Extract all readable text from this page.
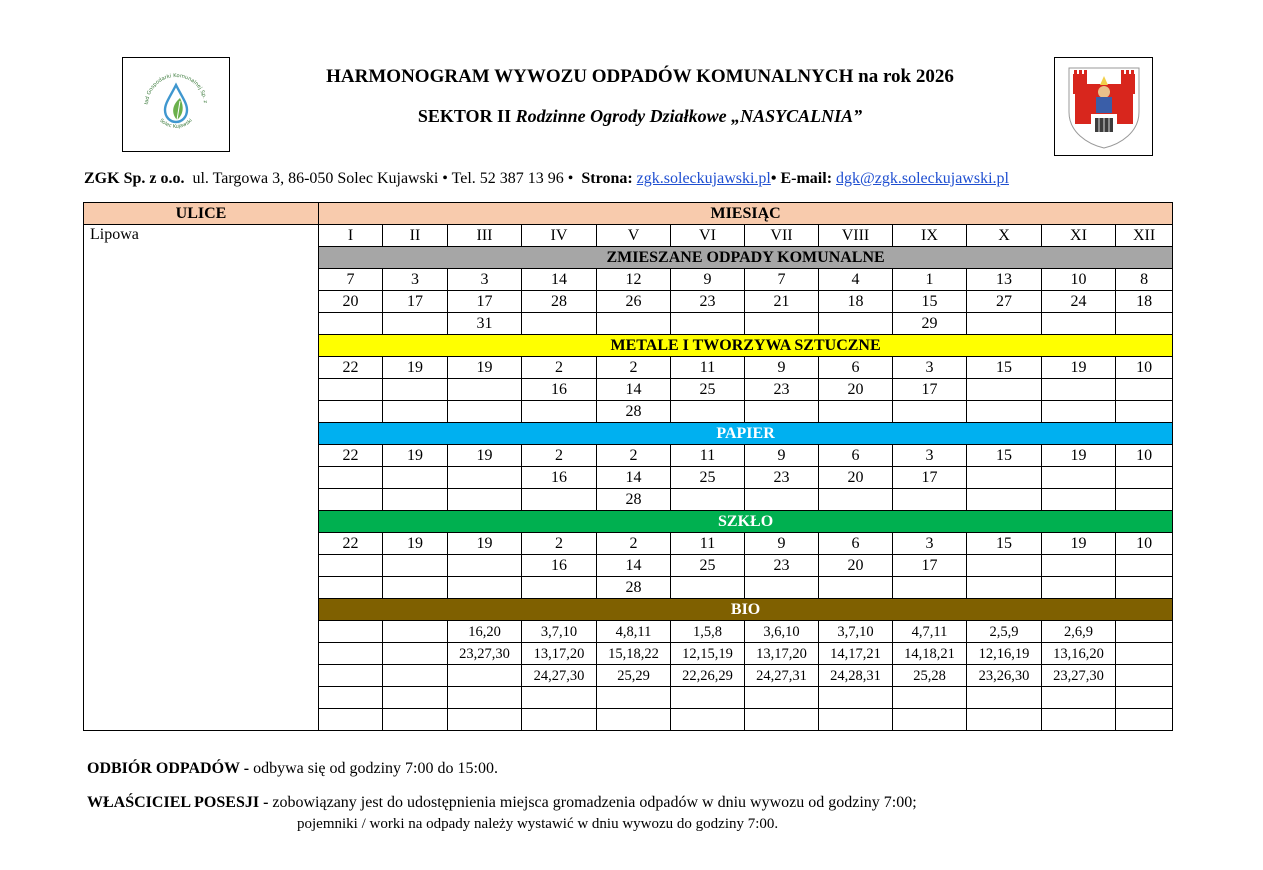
ład Gospodarki Komunalnej Sp. z
Solec Kujawski
HARMONOGRAM WYWOZU ODPADÓW KOMUNALNYCH na rok 2026
SEKTOR II Rodzinne Ogrody Działkowe „NASYCALNIA”
ZGK Sp. z o.o. ul. Targowa 3, 86-050 Solec Kujawski • Tel. 52 387 13 96 • Strona: zgk.soleckujawski.pl• E-mail: dgk@zgk.soleckujawski.pl
ULICE	MIESIĄC											
Lipowa	I	II	III	IV	V	VI	VII	VIII	IX	X	XI	XII
	ZMIESZANE ODPADY KOMUNALNE											
	7	3	3	14	12	9	7	4	1	13	10	8
	20	17	17	28	26	23	21	18	15	27	24	18
			31						29			
	METALE I TWORZYWA SZTUCZNE											
	22	19	19	2	2	11	9	6	3	15	19	10
				16	14	25	23	20	17			
					28							
	PAPIER											
	22	19	19	2	2	11	9	6	3	15	19	10
				16	14	25	23	20	17			
					28							
	SZKŁO											
	22	19	19	2	2	11	9	6	3	15	19	10
				16	14	25	23	20	17			
					28							
	BIO											
			16,20	3,7,10	4,8,11	1,5,8	3,6,10	3,7,10	4,7,11	2,5,9	2,6,9	
			23,27,30	13,17,20	15,18,22	12,15,19	13,17,20	14,17,21	14,18,21	12,16,19	13,16,20	
				24,27,30	25,29	22,26,29	24,27,31	24,28,31	25,28	23,26,30	23,27,30	

ODBIÓR ODPADÓW - odbywa się od godziny 7:00 do 15:00.
WŁAŚCICIEL POSESJI - zobowiązany jest do udostępnienia miejsca gromadzenia odpadów w dniu wywozu od godziny 7:00;
pojemniki / worki na odpady należy wystawić w dniu wywozu do godziny 7:00.
